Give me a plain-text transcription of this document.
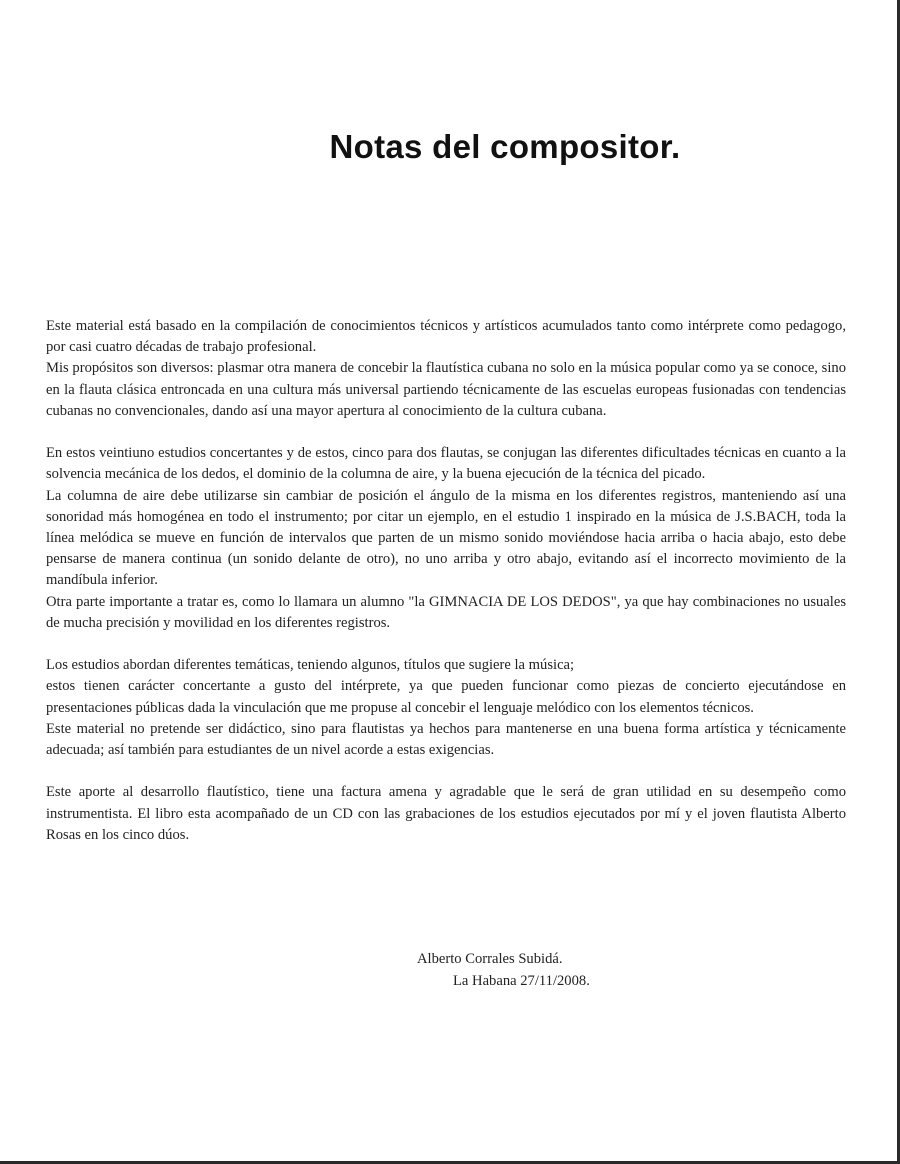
Notas del compositor.

Este material está basado en la compilación de conocimientos técnicos y artísticos acumulados tanto como intérprete como pedagogo, por casi cuatro décadas de trabajo profesional.

Mis propósitos son diversos: plasmar otra manera de concebir la flautística cubana no solo en la música popular como ya se conoce, sino en la flauta clásica entroncada en una cultura más universal partiendo técnicamente de las escuelas europeas fusionadas con tendencias cubanas no convencionales, dando así una mayor apertura al conocimiento de la cultura cubana.

En estos veintiuno estudios concertantes y de estos, cinco para dos flautas, se conjugan las diferentes dificultades técnicas en cuanto a la solvencia mecánica de los dedos, el dominio de la columna de aire, y la buena ejecución de la técnica del picado.

La columna de aire debe utilizarse sin cambiar de posición el ángulo de la misma en los diferentes registros, manteniendo así una sonoridad más homogénea en todo el instrumento; por citar un ejemplo, en el estudio 1 inspirado en la música de J.S.BACH, toda la línea melódica se mueve en función de intervalos que parten de un mismo sonido moviéndose hacia arriba o hacia abajo, esto debe pensarse de manera continua (un sonido delante de otro), no uno arriba y otro abajo, evitando así el incorrecto movimiento de la mandíbula inferior.

Otra parte importante a tratar es, como lo llamara un alumno "la GIMNACIA DE LOS DEDOS", ya que hay combinaciones no usuales de mucha precisión y movilidad en los diferentes registros.

Los estudios abordan diferentes temáticas, teniendo algunos, títulos que sugiere la música;

estos tienen carácter concertante a gusto del intérprete, ya que pueden funcionar como piezas de concierto ejecutándose en presentaciones públicas dada la vinculación que me propuse al concebir el lenguaje melódico con los elementos técnicos.

Este material no pretende ser didáctico, sino para flautistas ya hechos para mantenerse en una buena forma artística y técnicamente adecuada; así también para estudiantes de un nivel acorde a estas exigencias.

Este aporte al desarrollo flautístico, tiene una factura amena y agradable que le será de gran utilidad en su desempeño como instrumentista. El libro esta acompañado de un CD con las grabaciones de los estudios ejecutados por mí y el joven flautista Alberto Rosas en los cinco dúos.

Alberto Corrales Subidá.
La Habana 27/11/2008.
